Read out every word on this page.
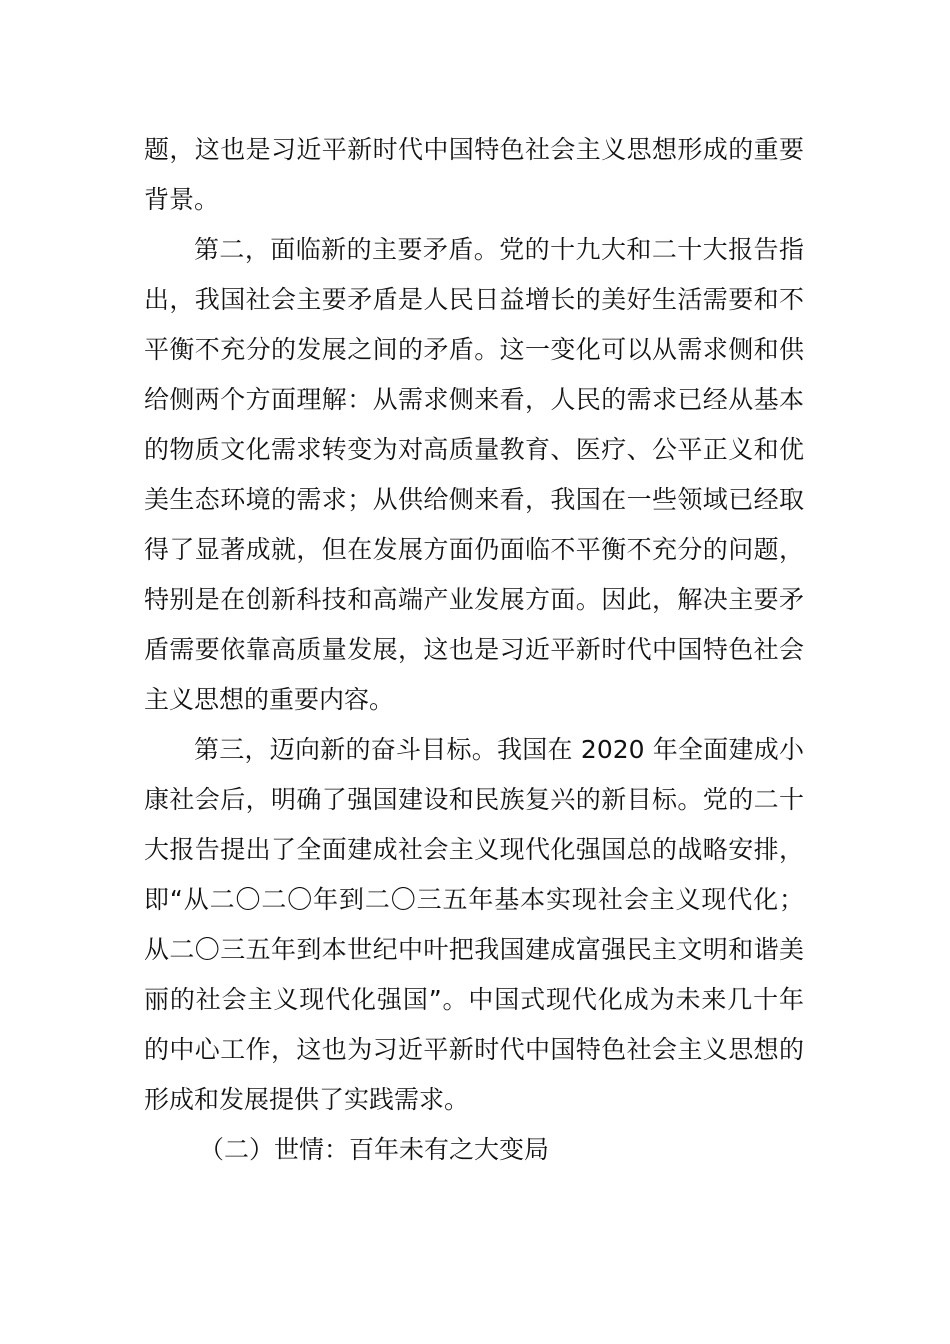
题，这也是习近平新时代中国特色社会主义思想形成的重要背景。

第二，面临新的主要矛盾。党的十九大和二十大报告指出，我国社会主要矛盾是人民日益增长的美好生活需要和不平衡不充分的发展之间的矛盾。这一变化可以从需求侧和供给侧两个方面理解：从需求侧来看，人民的需求已经从基本的物质文化需求转变为对高质量教育、医疗、公平正义和优美生态环境的需求；从供给侧来看，我国在一些领域已经取得了显著成就，但在发展方面仍面临不平衡不充分的问题，特别是在创新科技和高端产业发展方面。因此，解决主要矛盾需要依靠高质量发展，这也是习近平新时代中国特色社会主义思想的重要内容。

第三，迈向新的奋斗目标。我国在 2020 年全面建成小康社会后，明确了强国建设和民族复兴的新目标。党的二十大报告提出了全面建成社会主义现代化强国总的战略安排，即“从二〇二〇年到二〇三五年基本实现社会主义现代化；从二〇三五年到本世纪中叶把我国建成富强民主文明和谐美丽的社会主义现代化强国”。中国式现代化成为未来几十年的中心工作，这也为习近平新时代中国特色社会主义思想的形成和发展提供了实践需求。

（二）世情：百年未有之大变局
